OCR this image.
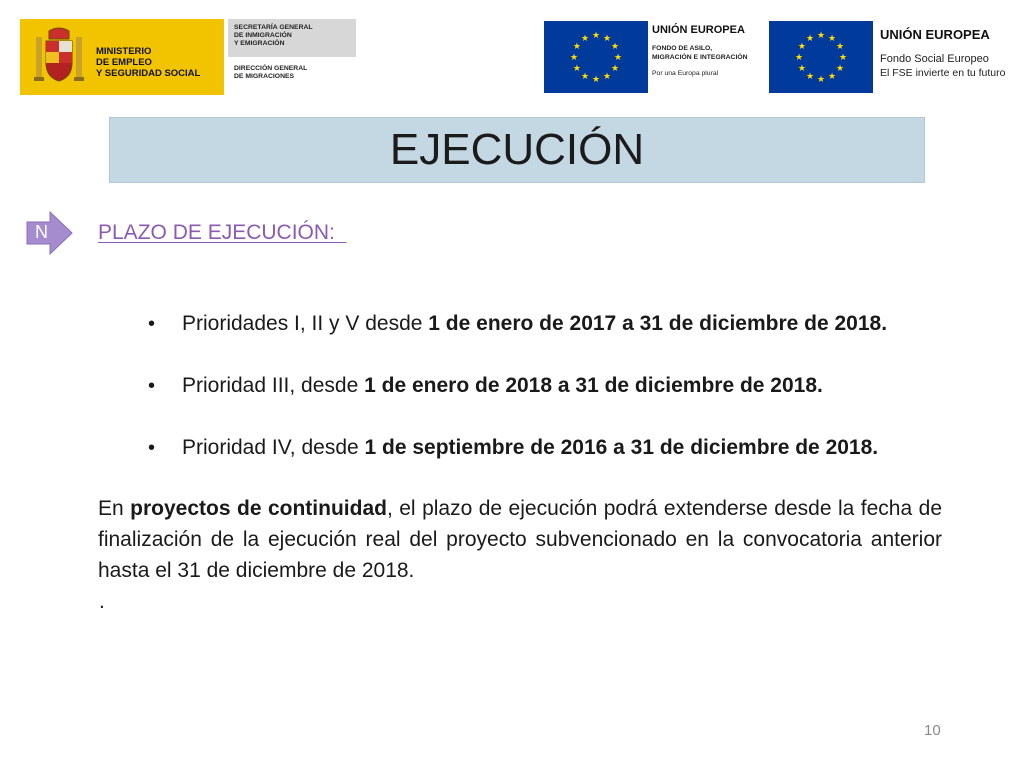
MINISTERIO
DE EMPLEO
Y SEGURIDAD SOCIAL
SECRETARÍA GENERAL
DE INMIGRACIÓN
Y EMIGRACIÓN
DIRECCIÓN GENERAL
DE MIGRACIONES
★ ★
★
★
★
★
★
★
★
★
★
★
UNIÓN EUROPEA
FONDO DE ASILO,
MIGRACIÓN E INTEGRACIÓN
Por una Europa plural
★ ★
★
★
★
★
★
★
★
★
★
★	UNIÓN EUROPEA
Fondo Social Europeo
El FSE invierte en tu futuro
EJECUCIÓN
N PLAZO DE EJECUCIÓN:
• Prioridades I, II y V desde 1 de enero de 2017 a 31 de diciembre de 2018.
• Prioridad III, desde 1 de enero de 2018 a 31 de diciembre de 2018.
• Prioridad IV, desde 1 de septiembre de 2016 a 31 de diciembre de 2018.

En proyectos de continuidad, el plazo de ejecución podrá extenderse desde la fecha de finalización de la ejecución real del proyecto subvencionado en la convocatoria anterior hasta el 31 de diciembre de 2018.

.
10
